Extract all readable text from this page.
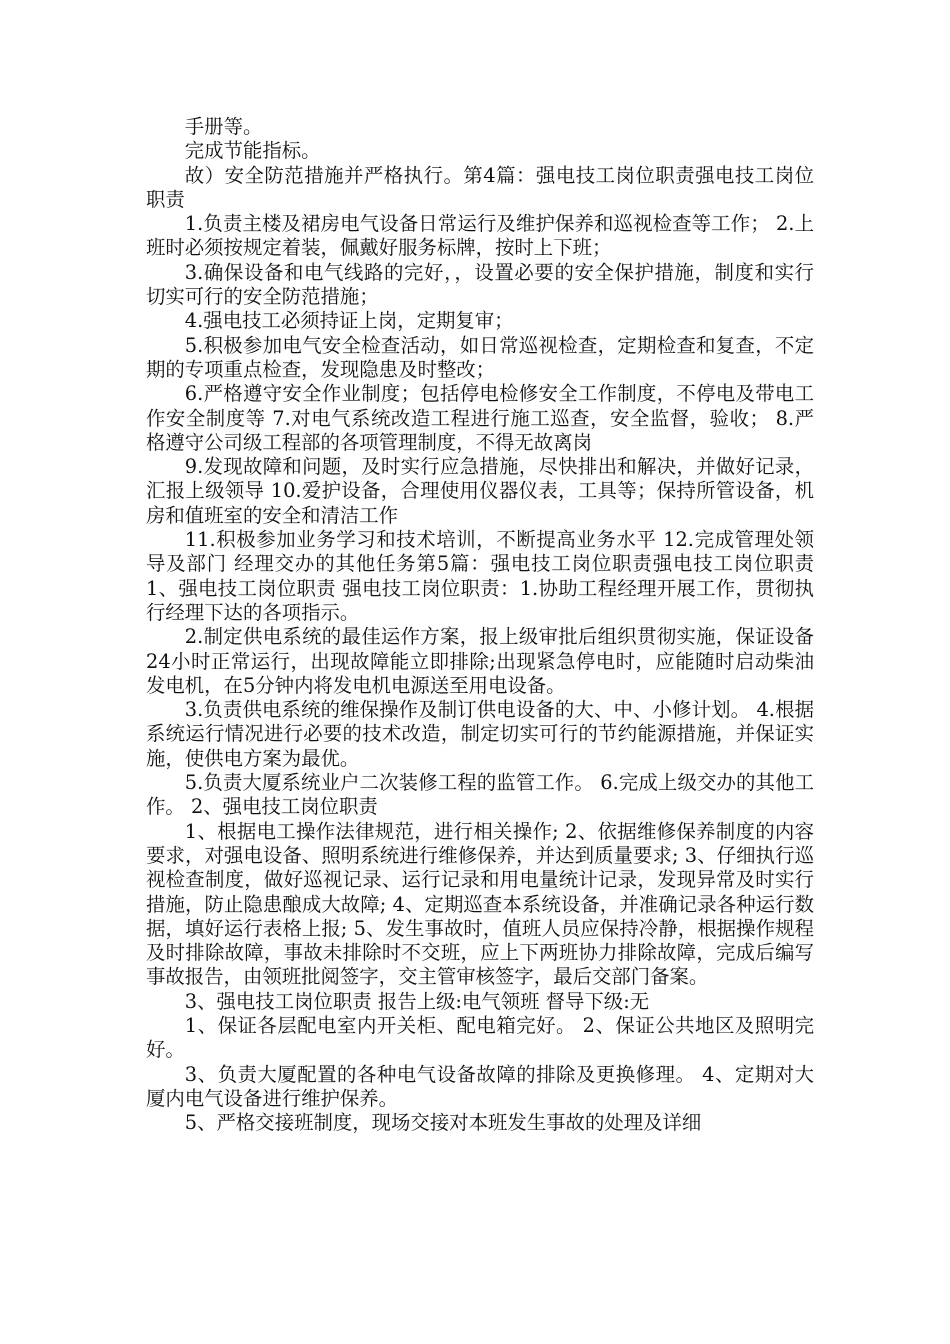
手册等。

完成节能指标。

故）安全防范措施并严格执行。第4篇：强电技工岗位职责强电技工岗位职责

1.负责主楼及裙房电气设备日常运行及维护保养和巡视检查等工作； 2.上班时必须按规定着装，佩戴好服务标牌，按时上下班；

3.确保设备和电气线路的完好，，设置必要的安全保护措施，制度和实行切实可行的安全防范措施；

4.强电技工必须持证上岗，定期复审；

5.积极参加电气安全检查活动，如日常巡视检查，定期检查和复查，不定期的专项重点检查，发现隐患及时整改；

6.严格遵守安全作业制度；包括停电检修安全工作制度，不停电及带电工作安全制度等 7.对电气系统改造工程进行施工巡查，安全监督，验收； 8.严格遵守公司级工程部的各项管理制度，不得无故离岗

9.发现故障和问题，及时实行应急措施，尽快排出和解决，并做好记录，汇报上级领导 10.爱护设备，合理使用仪器仪表，工具等；保持所管设备，机房和值班室的安全和清洁工作

11.积极参加业务学习和技术培训，不断提高业务水平 12.完成管理处领导及部门 经理交办的其他任务第5篇：强电技工岗位职责强电技工岗位职责 1、强电技工岗位职责 强电技工岗位职责：1.协助工程经理开展工作，贯彻执行经理下达的各项指示。

2.制定供电系统的最佳运作方案，报上级审批后组织贯彻实施，保证设备24小时正常运行，出现故障能立即排除;出现紧急停电时，应能随时启动柴油发电机，在5分钟内将发电机电源送至用电设备。

3.负责供电系统的维保操作及制订供电设备的大、中、小修计划。 4.根据系统运行情况进行必要的技术改造，制定切实可行的节约能源措施，并保证实施，使供电方案为最优。

5.负责大厦系统业户二次装修工程的监管工作。 6.完成上级交办的其他工作。 2、强电技工岗位职责

1、根据电工操作法律规范，进行相关操作; 2、依据维修保养制度的内容要求，对强电设备、照明系统进行维修保养，并达到质量要求; 3、仔细执行巡视检查制度，做好巡视记录、运行记录和用电量统计记录，发现异常及时实行措施，防止隐患酿成大故障; 4、定期巡查本系统设备，并准确记录各种运行数据，填好运行表格上报; 5、发生事故时，值班人员应保持冷静，根据操作规程及时排除故障，事故未排除时不交班，应上下两班协力排除故障，完成后编写事故报告，由领班批阅签字，交主管审核签字，最后交部门备案。

3、强电技工岗位职责 报告上级:电气领班 督导下级:无

1、保证各层配电室内开关柜、配电箱完好。 2、保证公共地区及照明完好。

3、负责大厦配置的各种电气设备故障的排除及更换修理。 4、定期对大厦内电气设备进行维护保养。

5、严格交接班制度，现场交接对本班发生事故的处理及详细
